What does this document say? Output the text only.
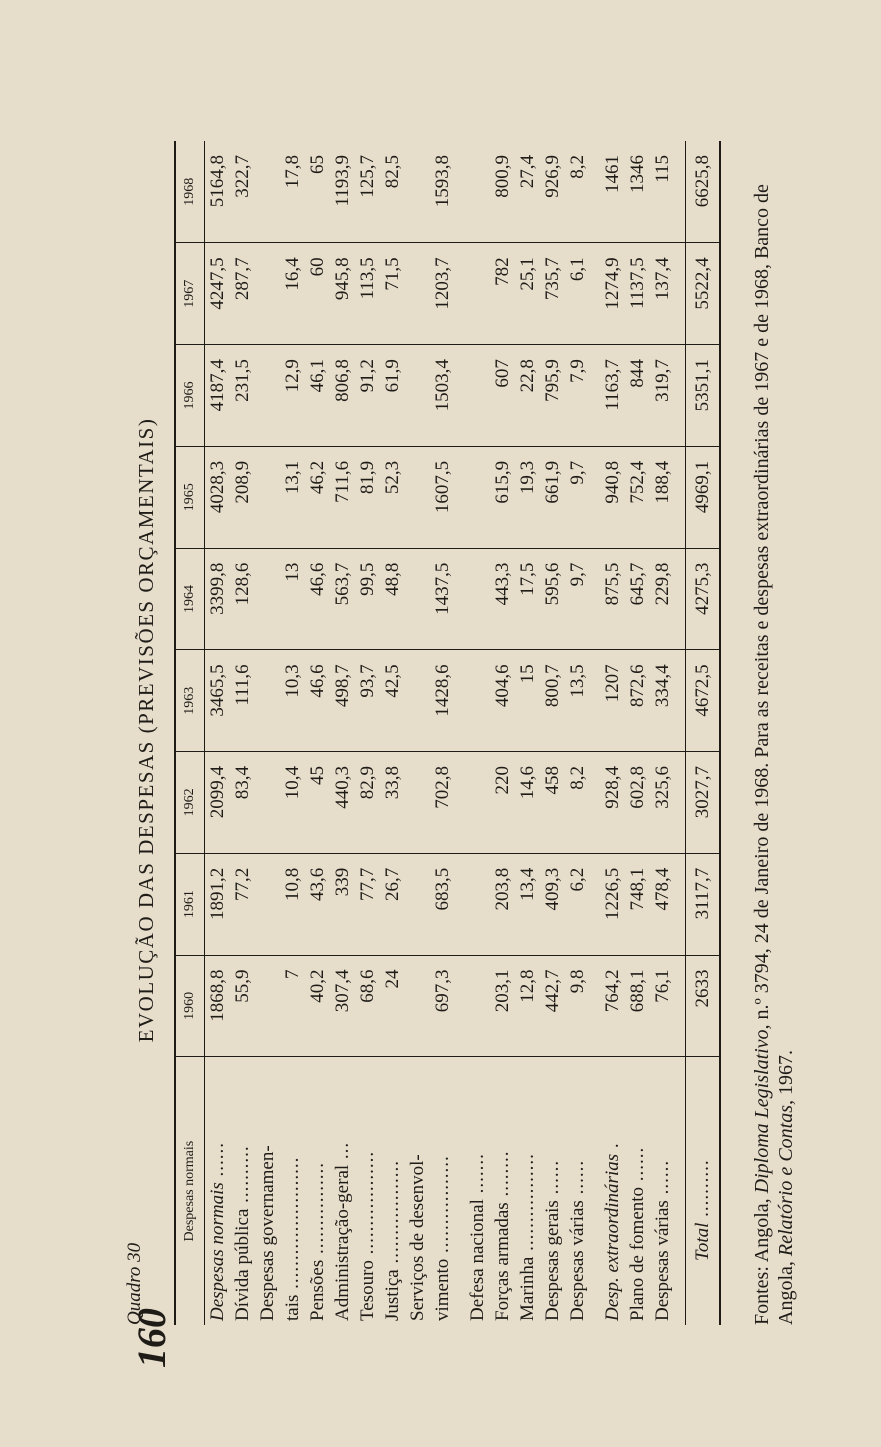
160
Quadro 30
EVOLUÇÃO DAS DESPESAS (PREVISÕES ORÇAMENTAIS)
Despesas normais	1960	1961	1962	1963	1964	1965	1966	1967	1968
Despesas normais ......	1868,8	1891,2	2099,4	3465,5	3399,8	4028,3	4187,4	4247,5	5164,8
Dívida pública ..........	55,9	77,2	83,4	111,6	128,6	208,9	231,5	287,7	322,7
Despesas governamen-									
tais .......................	7	10,8	10,4	10,3	13	13,1	12,9	16,4	17,8
Pensões ................	40,2	43,6	45	46,6	46,6	46,2	46,1	60	65
Administração-geral ...	307,4	339	440,3	498,7	563,7	711,6	806,8	945,8	1193,9
Tesouro ..................	68,6	77,7	82,9	93,7	99,5	81,9	91,2	113,5	125,7
Justiça ..................	24	26,7	33,8	42,5	48,8	52,3	61,9	71,5	82,5
Serviços de desenvol-									
vimento .................	697,3	683,5	702,8	1428,6	1437,5	1607,5	1503,4	1203,7	1593,8

Defesa nacional .......									
Forças armadas ........	203,1	203,8	220	404,6	443,3	615,9	607	782	800,9
Marinha .................	12,8	13,4	14,6	15	17,5	19,3	22,8	25,1	27,4
Despesas gerais ......	442,7	409,3	458	800,7	595,6	661,9	795,9	735,7	926,9
Despesas várias ......	9,8	6,2	8,2	13,5	9,7	9,7	7,9	6,1	8,2

Desp. extraordinárias .	764,2	1226,5	928,4	1207	875,5	940,8	1163,7	1274,9	1461
Plano de fomento ......	688,1	748,1	602,8	872,6	645,7	752,4	844	1137,5	1346
Despesas várias ......	76,1	478,4	325,6	334,4	229,8	188,4	319,7	137,4	115

Total ..........	2633	3117,7	3027,7	4672,5	4275,3	4969,1	5351,1	5522,4	6625,8
Fontes: Angola, Diploma Legislativo, n.º 3794, 24 de Janeiro de 1968. Para as receitas e despesas extraordinárias de 1967 e de 1968, Banco de Angola, Relatório e Contas, 1967.
